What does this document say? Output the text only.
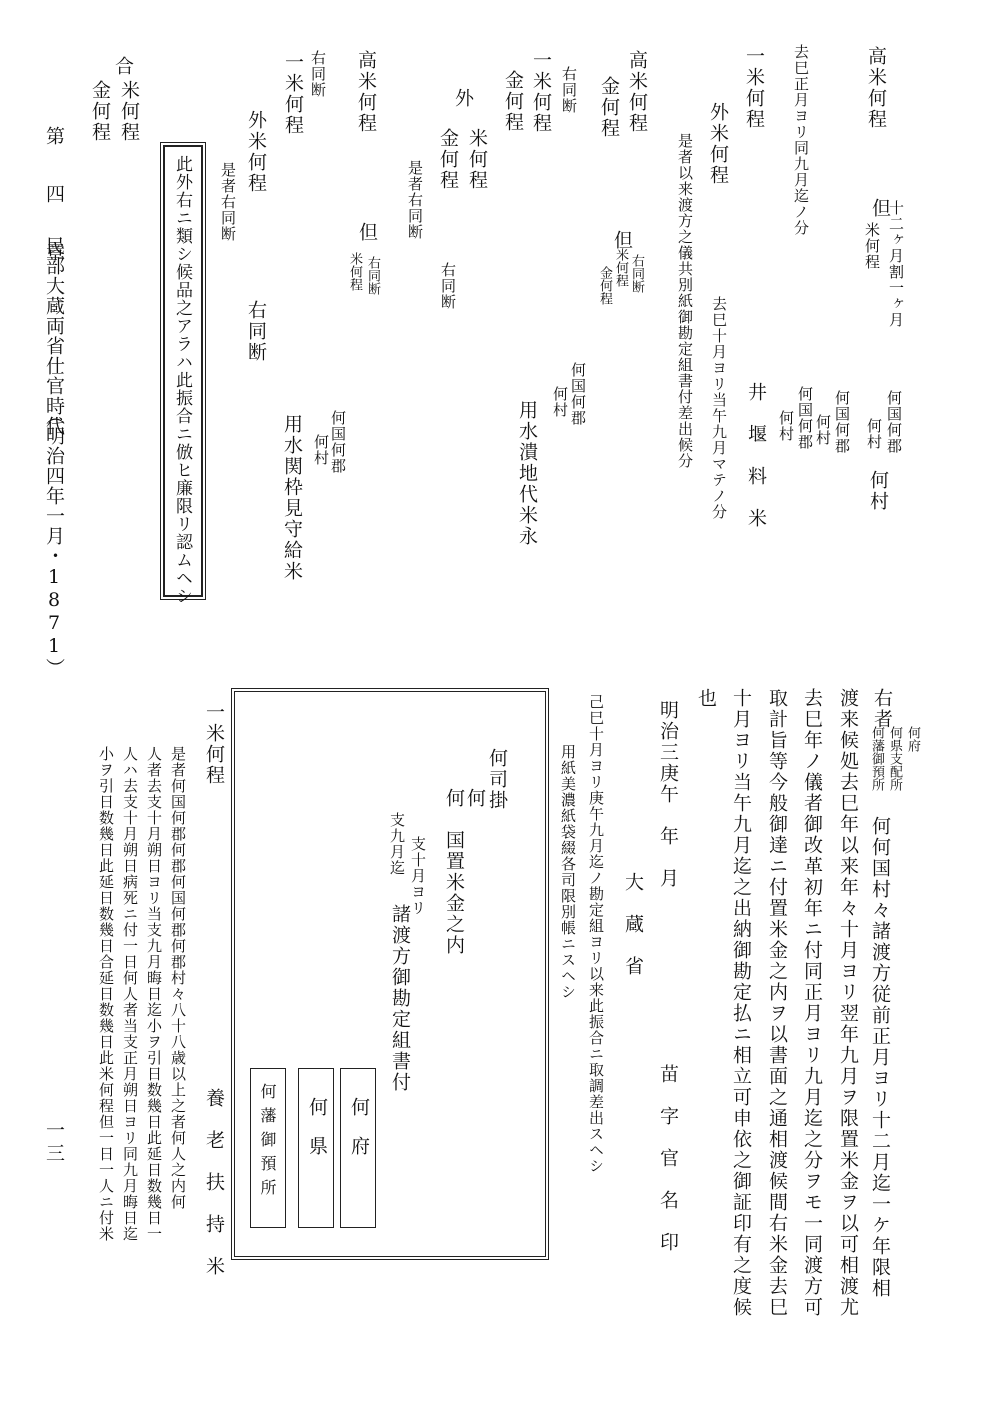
高米何程
但
十二ヶ月割一ヶ月
米何程
何国何郡
何村
何村
去巳正月ヨリ同九月迄ノ分
何国何郡
何村
何国何郡
何村
一米何程
井　堰　料　米
外米何程
去巳十月ヨリ当午九月マテノ分
是者以来渡方之儀共別紙御勘定組書付差出候分
高米何程
金何程
但
右同断
米何程
金何程
右同断
一米何程
金何程
何国何郡
何村
用水潰地代米永
外
米何程
金何程
右同断
是者右同断
高米何程
但
右同断
米何程
右同断
一米何程
何国何郡
何村
用水関枠見守給米
外米何程
右同断
是者右同断
此外右ニ類シ候品之アラハ此振合ニ倣ヒ廉限リ認ムヘシ
合
米何程
金何程
第　四　章
民部大蔵両省仕官時代
（明治四年一月・1871）
一三
右者
何府
何県支配所
何藩御預所
何何国村々諸渡方従前正月ヨリ十二月迄一ケ年限相
渡来候処去巳年以来年々十月ヨリ翌年九月ヲ限置米金ヲ以可相渡尤
去巳年ノ儀者御改革初年ニ付同正月ヨリ九月迄之分ヲモ一同渡方可
取計旨等今般御達ニ付置米金之内ヲ以書面之通相渡候間右米金去巳
十月ヨリ当午九月迄之出納御勘定払ニ相立可申依之御証印有之度候
也
明治三庚午　年　月
苗　字　官　名　印
大　蔵　省
己巳十月ヨリ庚午九月迄ノ勘定組ヨリ以来此振合ニ取調差出スヘシ
用紙美濃紙袋綴各司限別帳ニスヘシ
何司掛
何
何　国置米金之内
支十月ヨリ
支九月迄
諸渡方御勘定組書付
何府
何県
何藩御預所
一米何程
養　老　扶　持　米
是者何国何郡何郡何国何郡何郡村々八十八歳以上之者何人之内何
人者去支十月朔日ヨリ当支九月晦日迄小ヲ引日数幾日此延日数幾日一
人ハ去支十月朔日病死ニ付一日何人者当支正月朔日ヨリ同九月晦日迄
小ヲ引日数幾日此延日数幾日合延日数幾日此米何程但一日一人ニ付米
